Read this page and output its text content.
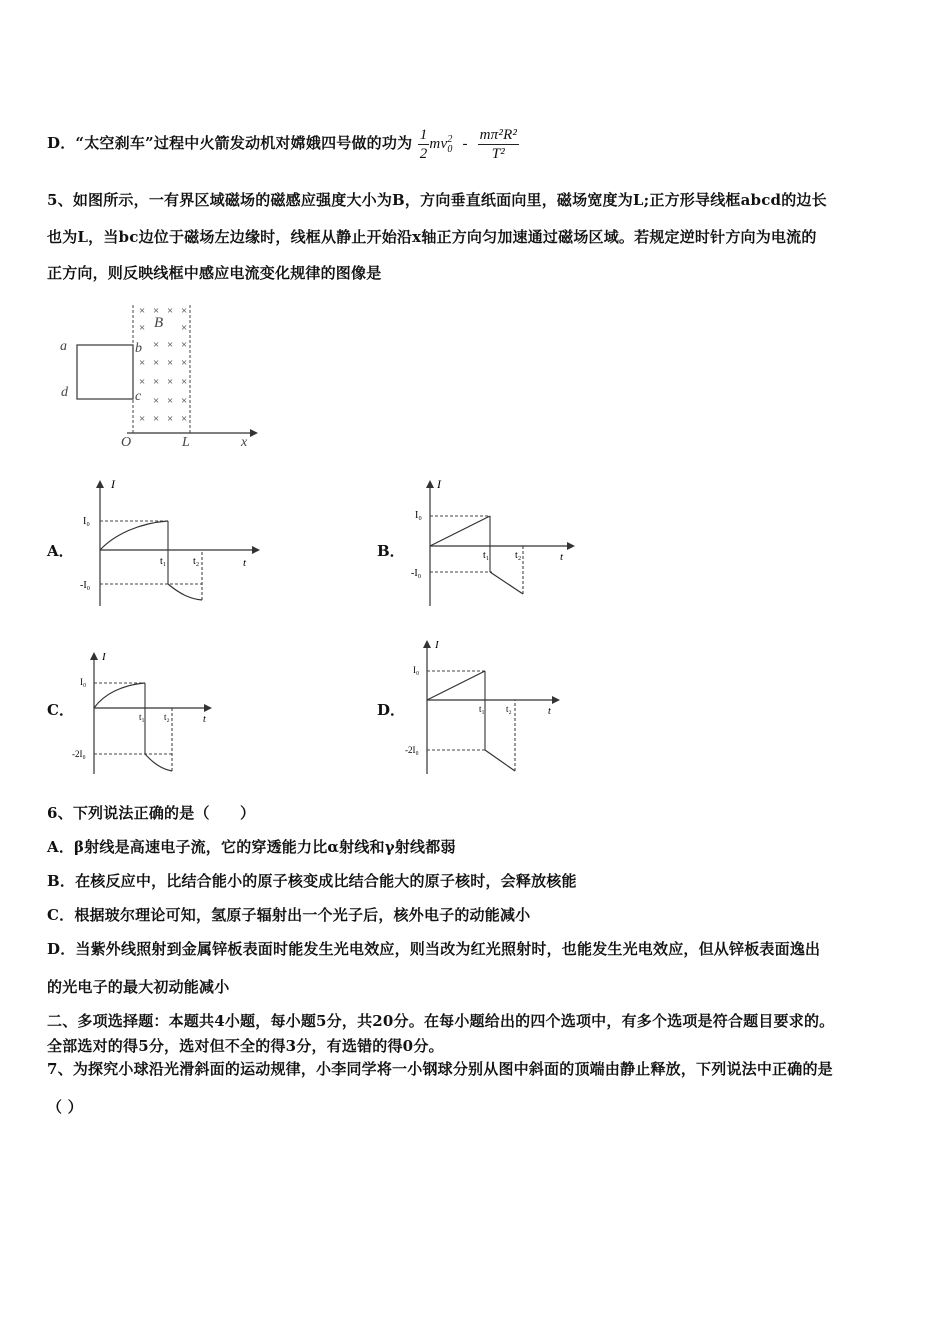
D．“太空刹车”过程中火箭发动机对嫦娥四号做的功为 $\frac{1}{2}$ mv 2
$0 - \frac{\text{mπ²R²}}{\text{T²}}$
5、如图所示，一有界区域磁场的磁感应强度大小为B，方向垂直纸面向里，磁场宽度为L;正方形导线框abcd的边长
也为L，当bc边位于磁场左边缘时，线框从静止开始沿x轴正方向匀加速通过磁场区域。若规定逆时针方向为电流的
正方向，则反映线框中感应电流变化规律的图像是
× × × ×
×	×
× × ×
× × × ×
× × × ×
× × ×
× × × ×
a	b
c
d
B
O	L	x
A．	B．
C．	D．
I
t
I₀
-I₀
t₁	t₂
I
t
I₀
-I₀
t₁	t₂
I
t
I₀
-2I₀
t₁ t₂
I
t
I₀
-2I₀
t₁ t₂
6、下列说法正确的是（　　）
A．β射线是高速电子流，它的穿透能力比α射线和γ射线都弱
B．在核反应中，比结合能小的原子核变成比结合能大的原子核时，会释放核能
C．根据玻尔理论可知，氢原子辐射出一个光子后，核外电子的动能减小
D．当紫外线照射到金属锌板表面时能发生光电效应，则当改为红光照射时，也能发生光电效应，但从锌板表面逸出
的光电子的最大初动能减小
二、多项选择题：本题共4小题，每小题5分，共20分。在每小题给出的四个选项中，有多个选项是符合题目要求的。
全部选对的得5分，选对但不全的得3分，有选错的得0分。
7、为探究小球沿光滑斜面的运动规律，小李同学将一小钢球分别从图中斜面的顶端由静止释放，下列说法中正确的是
（ ）
